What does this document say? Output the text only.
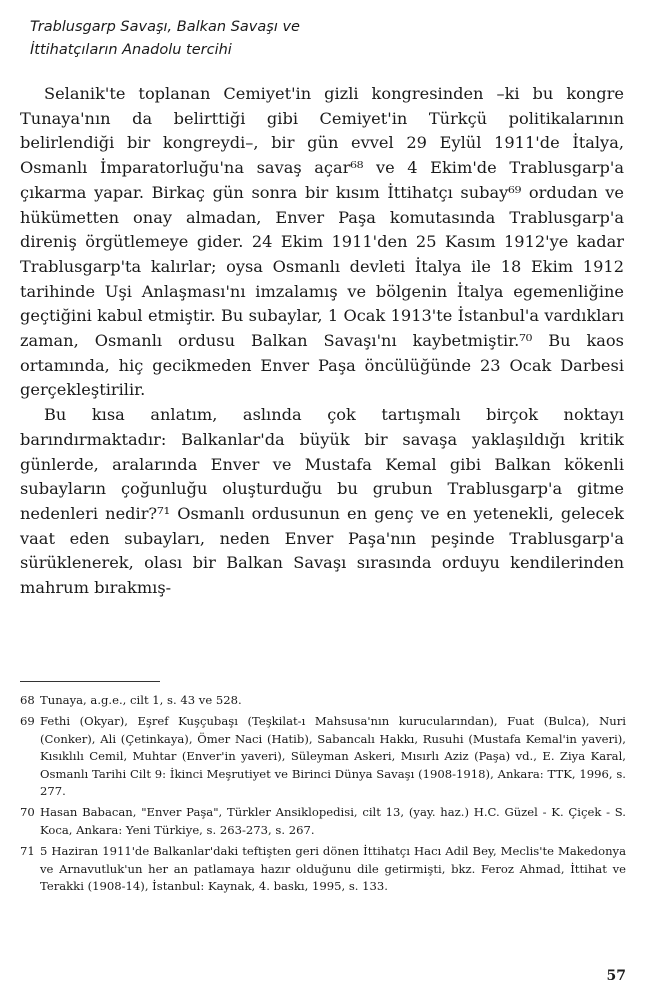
Trablusgarp Savaşı, Balkan Savaşı ve
İttihatçıların Anadolu tercihi

Selanik'te toplanan Cemiyet'in gizli kongresinden –ki bu kongre Tunaya'nın da belirttiği gibi Cemiyet'in Türkçü politikalarının belirlendiği bir kongreydi–, bir gün evvel 29 Eylül 1911'de İtalya, Osmanlı İmparatorluğu'na savaş açar⁶⁸ ve 4 Ekim'de Trablusgarp'a çıkarma yapar. Birkaç gün sonra bir kısım İttihatçı subay⁶⁹ ordudan ve hükümetten onay almadan, Enver Paşa komutasında Trablusgarp'a direniş örgütlemeye gider. 24 Ekim 1911'den 25 Kasım 1912'ye kadar Trablusgarp'ta kalırlar; oysa Osmanlı devleti İtalya ile 18 Ekim 1912 tarihinde Uşi Anlaşması'nı imzalamış ve bölgenin İtalya egemenliğine geçtiğini kabul etmiştir. Bu subaylar, 1 Ocak 1913'te İstanbul'a vardıkları zaman, Osmanlı ordusu Balkan Savaşı'nı kaybetmiştir.⁷⁰ Bu kaos ortamında, hiç gecikmeden Enver Paşa öncülüğünde 23 Ocak Darbesi gerçekleştirilir.

Bu kısa anlatım, aslında çok tartışmalı birçok noktayı barındırmaktadır: Balkanlar'da büyük bir savaşa yaklaşıldığı kritik günlerde, aralarında Enver ve Mustafa Kemal gibi Balkan kökenli subayların çoğunluğu oluşturduğu bu grubun Trablusgarp'a gitme nedenleri nedir?⁷¹ Osmanlı ordusunun en genç ve en yetenekli, gelecek vaat eden subayları, neden Enver Paşa'nın peşinde Trablusgarp'a sürüklenerek, olası bir Balkan Savaşı sırasında orduyu kendilerinden mahrum bırakmış-

68 Tunaya, a.g.e., cilt 1, s. 43 ve 528.
69 Fethi (Okyar), Eşref Kuşçubaşı (Teşkilat-ı Mahsusa'nın kurucularından), Fuat (Bulca), Nuri (Conker), Ali (Çetinkaya), Ömer Naci (Hatib), Sabancalı Hakkı, Rusuhi (Mustafa Kemal'in yaveri), Kısıklılı Cemil, Muhtar (Enver'in yaveri), Süleyman Askeri, Mısırlı Aziz (Paşa) vd., E. Ziya Karal, Osmanlı Tarihi Cilt 9: İkinci Meşrutiyet ve Birinci Dünya Savaşı (1908-1918), Ankara: TTK, 1996, s. 277.
70 Hasan Babacan, "Enver Paşa", Türkler Ansiklopedisi, cilt 13, (yay. haz.) H.C. Güzel - K. Çiçek - S. Koca, Ankara: Yeni Türkiye, s. 263-273, s. 267.
71 5 Haziran 1911'de Balkanlar'daki teftişten geri dönen İttihatçı Hacı Adil Bey, Meclis'te Makedonya ve Arnavutluk'un her an patlamaya hazır olduğunu dile getirmişti, bkz. Feroz Ahmad, İttihat ve Terakki (1908-14), İstanbul: Kaynak, 4. baskı, 1995, s. 133.
57
